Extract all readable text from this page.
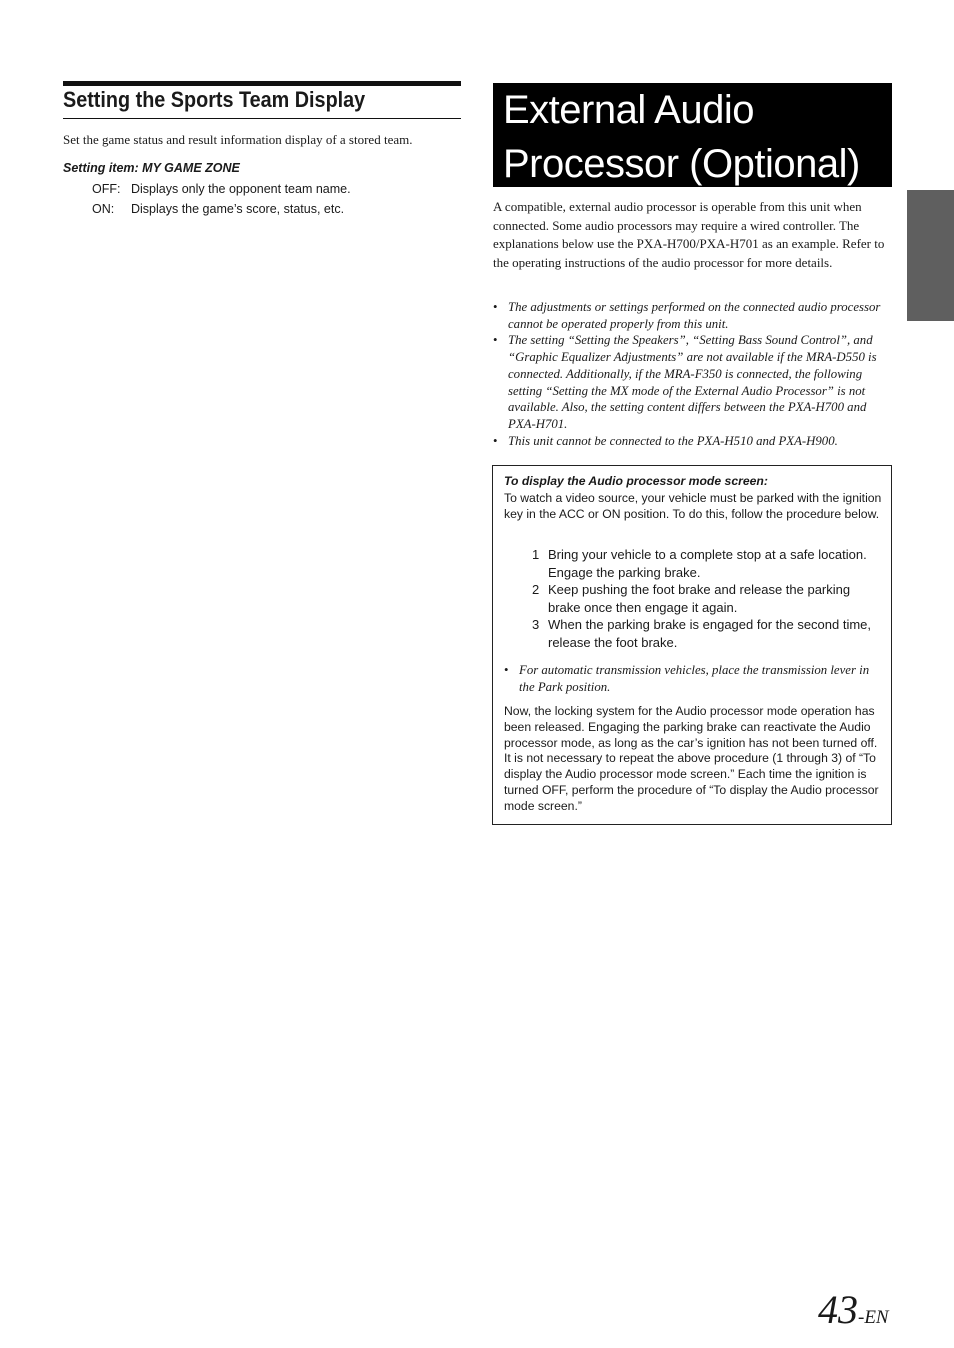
Setting the Sports Team Display
Set the game status and result information display of a stored team.
Setting item: MY GAME ZONE
OFF: Displays only the opponent team name.
ON: Displays the game’s score, status, etc.
External Audio
Processor (Optional)
A compatible, external audio processor is operable from this unit when connected. Some audio processors may require a wired controller. The explanations below use the PXA-H700/PXA-H701 as an example. Refer to the operating instructions of the audio processor for more details.
• The adjustments or settings performed on the connected audio processor cannot be operated properly from this unit.
• The setting “Setting the Speakers”, “Setting Bass Sound Control”, and “Graphic Equalizer Adjustments” are not available if the MRA-D550 is connected. Additionally, if the MRA-F350 is connected, the following setting “Setting the MX mode of the External Audio Processor” is not available. Also, the setting content differs between the PXA-H700 and PXA-H701.
• This unit cannot be connected to the PXA-H510 and PXA-H900.
To display the Audio processor mode screen:
To watch a video source, your vehicle must be parked with the ignition key in the ACC or ON position. To do this, follow the procedure below.
1 Bring your vehicle to a complete stop at a safe location. Engage the parking brake.
2 Keep pushing the foot brake and release the parking brake once then engage it again.
3 When the parking brake is engaged for the second time, release the foot brake.
• For automatic transmission vehicles, place the transmission lever in the Park position.
Now, the locking system for the Audio processor mode operation has been released. Engaging the parking brake can reactivate the Audio processor mode, as long as the car’s ignition has not been turned off. It is not necessary to repeat the above procedure (1 through 3) of “To display the Audio processor mode screen.” Each time the ignition is turned OFF, perform the procedure of “To display the Audio processor mode screen.”
43-EN
